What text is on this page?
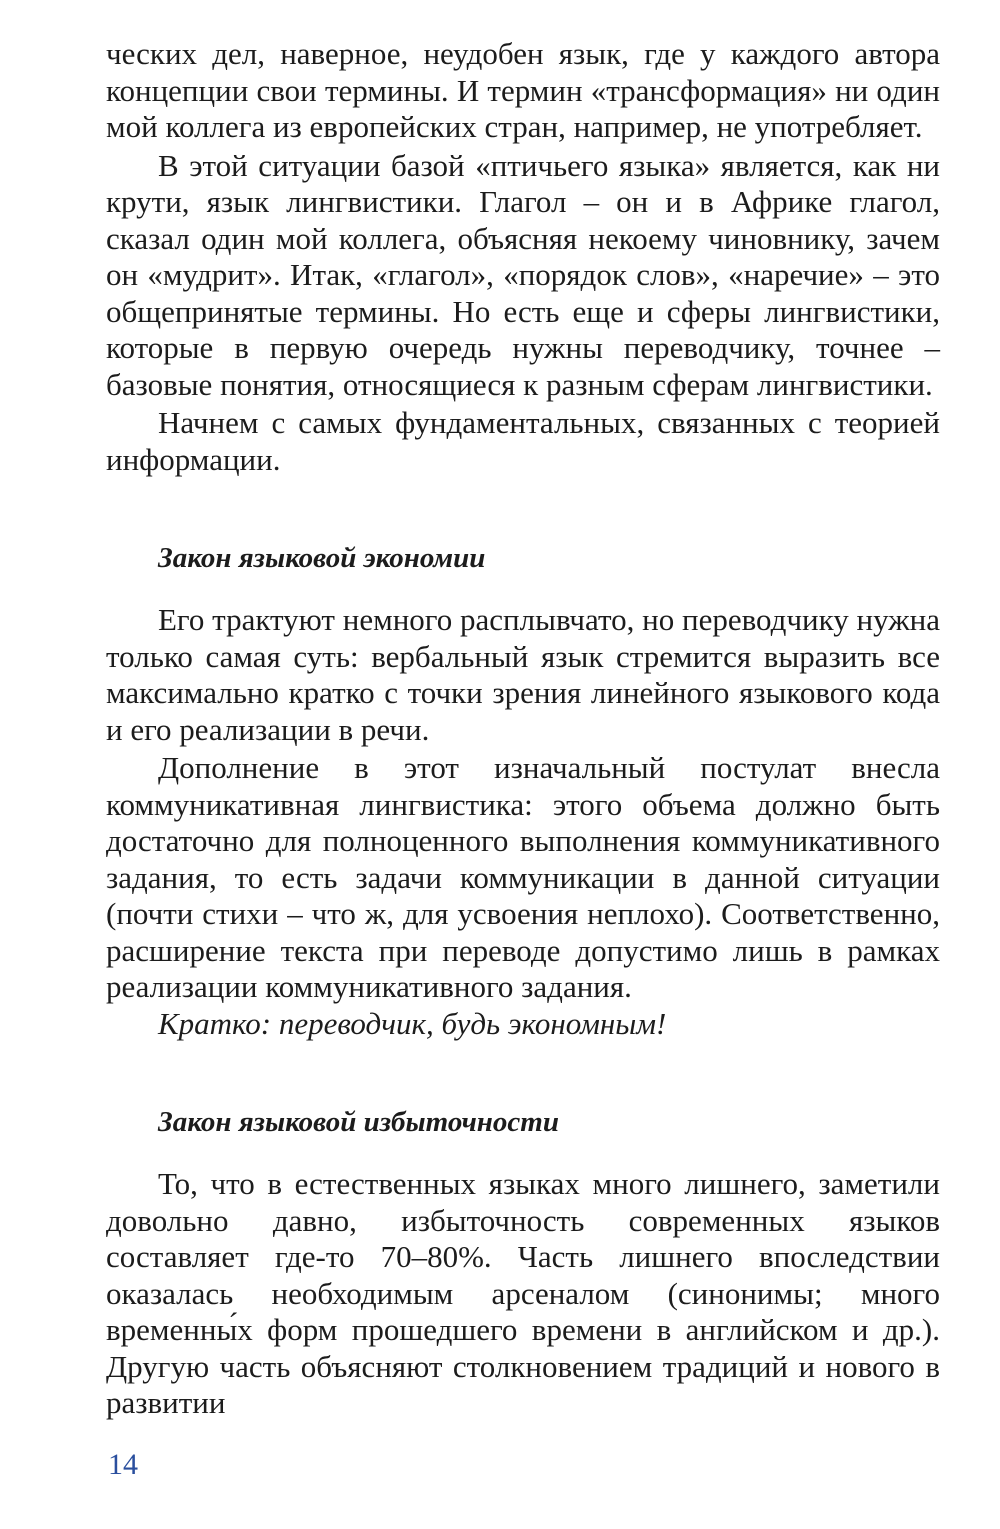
ческих дел, наверное, неудобен язык, где у каждого автора концепции свои термины. И термин «трансформация» ни один мой коллега из европейских стран, например, не употребляет.

В этой ситуации базой «птичьего языка» является, как ни крути, язык лингвистики. Глагол – он и в Африке глагол, сказал один мой коллега, объясняя некоему чиновнику, зачем он «мудрит». Итак, «глагол», «порядок слов», «наречие» – это общепринятые термины. Но есть еще и сферы лингвистики, которые в первую очередь нужны переводчику, точнее – базовые понятия, относящиеся к разным сферам лингвистики.

Начнем с самых фундаментальных, связанных с теорией информации.

Закон языковой экономии

Его трактуют немного расплывчато, но переводчику нужна только самая суть: вербальный язык стремится выразить все максимально кратко с точки зрения линейного языкового кода и его реализации в речи.

Дополнение в этот изначальный постулат внесла коммуникативная лингвистика: этого объема должно быть достаточно для полноценного выполнения коммуникативного задания, то есть задачи коммуникации в данной ситуации (почти стихи – что ж, для усвоения неплохо). Соответственно, расширение текста при переводе допустимо лишь в рамках реализации коммуникативного задания.

Кратко: переводчик, будь экономным!

Закон языковой избыточности

То, что в естественных языках много лишнего, заметили довольно давно, избыточность современных языков составляет где-то 70–80%. Часть лишнего впоследствии оказалась необходимым арсеналом (синонимы; много временны́х форм прошедшего времени в английском и др.). Другую часть объясняют столкновением традиций и нового в развитии

14
